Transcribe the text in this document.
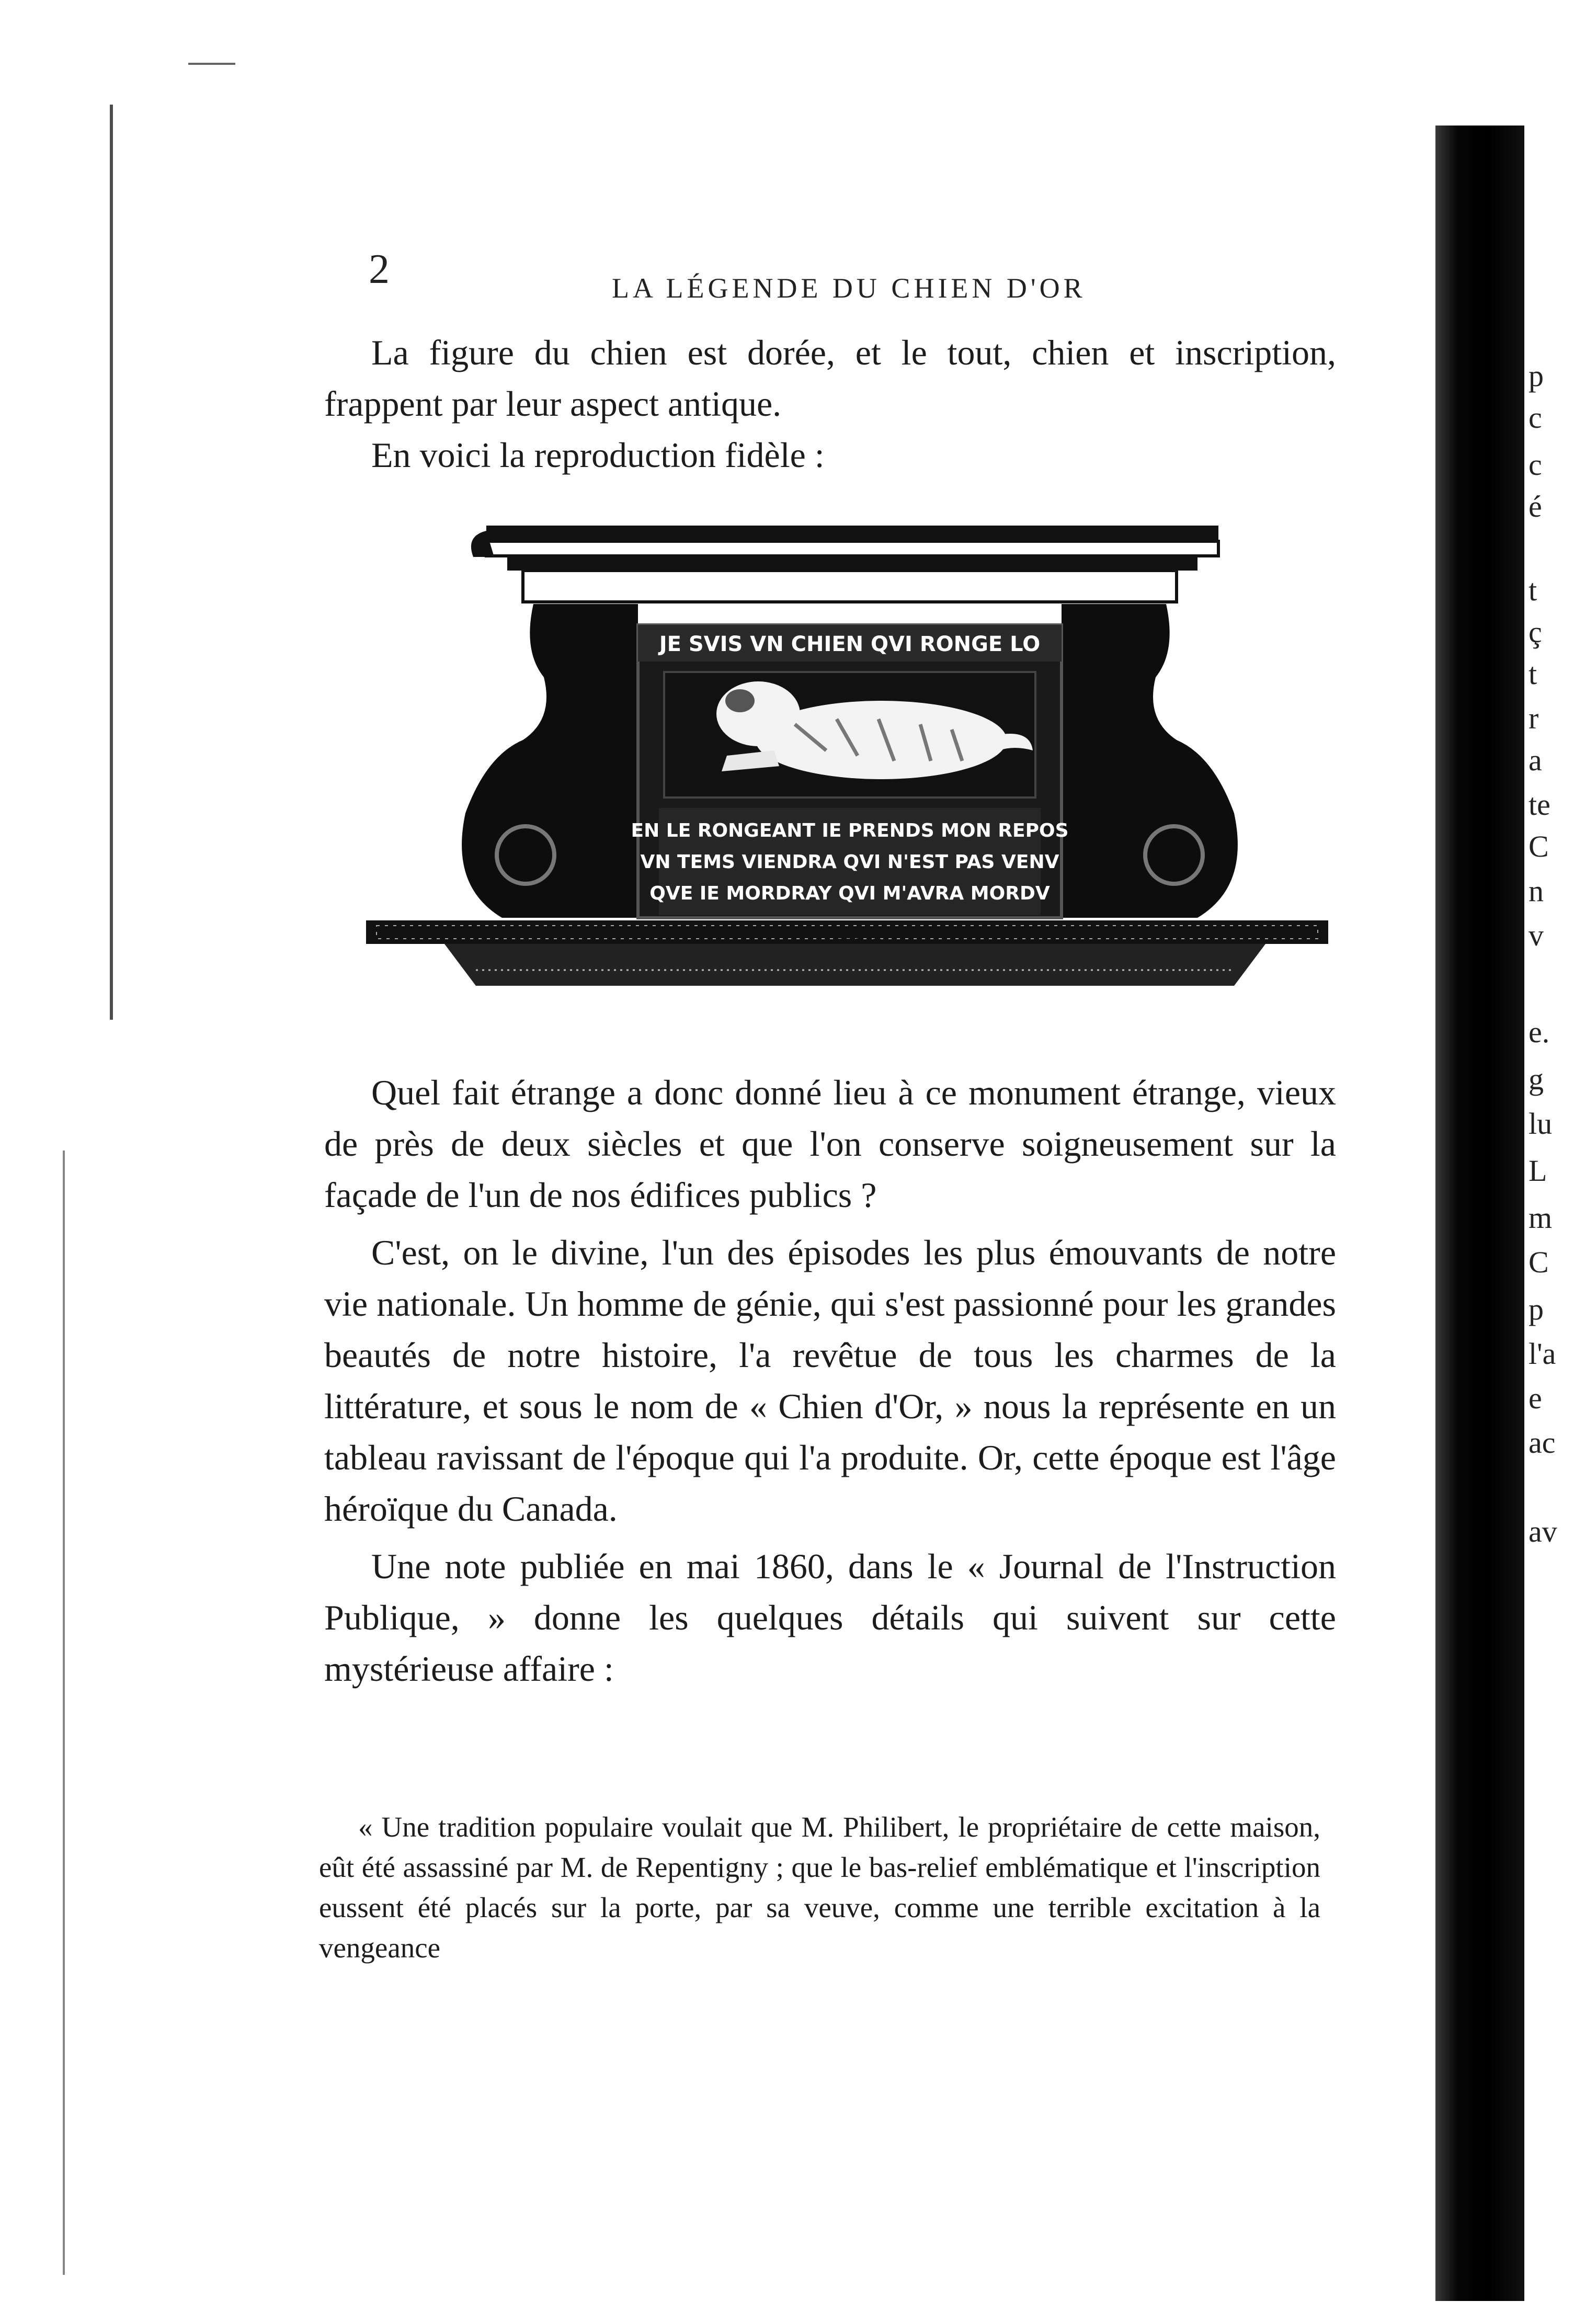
p
c
c
é
t
ç
t
r
a
te
C
n
v
e.
g
lu
L
m
C
p
l'a
e
ac
av
2	LA LÉGENDE DU CHIEN D'OR

La figure du chien est dorée, et le tout, chien et inscription, frappent par leur aspect antique.

En voici la reproduction fidèle :

JE SVIS VN CHIEN QVI RONGE LO
EN LE RONGEANT IE PRENDS MON REPOS
VN TEMS VIENDRA QVI N'EST PAS VENV
QVE IE MORDRAY QVI M'AVRA MORDV

Quel fait étrange a donc donné lieu à ce monument étrange, vieux de près de deux siècles et que l'on conserve soigneusement sur la façade de l'un de nos édifices publics ?

C'est, on le divine, l'un des épisodes les plus émouvants de notre vie nationale. Un homme de génie, qui s'est passionné pour les grandes beautés de notre histoire, l'a revêtue de tous les charmes de la littérature, et sous le nom de « Chien d'Or, » nous la représente en un tableau ravissant de l'époque qui l'a produite. Or, cette époque est l'âge héroïque du Canada.

Une note publiée en mai 1860, dans le « Journal de l'Instruction Publique, » donne les quelques détails qui suivent sur cette mystérieuse affaire :

« Une tradition populaire voulait que M. Philibert, le propriétaire de cette maison, eût été assassiné par M. de Repentigny ; que le bas-relief emblématique et l'inscription eussent été placés sur la porte, par sa veuve, comme une terrible excitation à la vengeance
